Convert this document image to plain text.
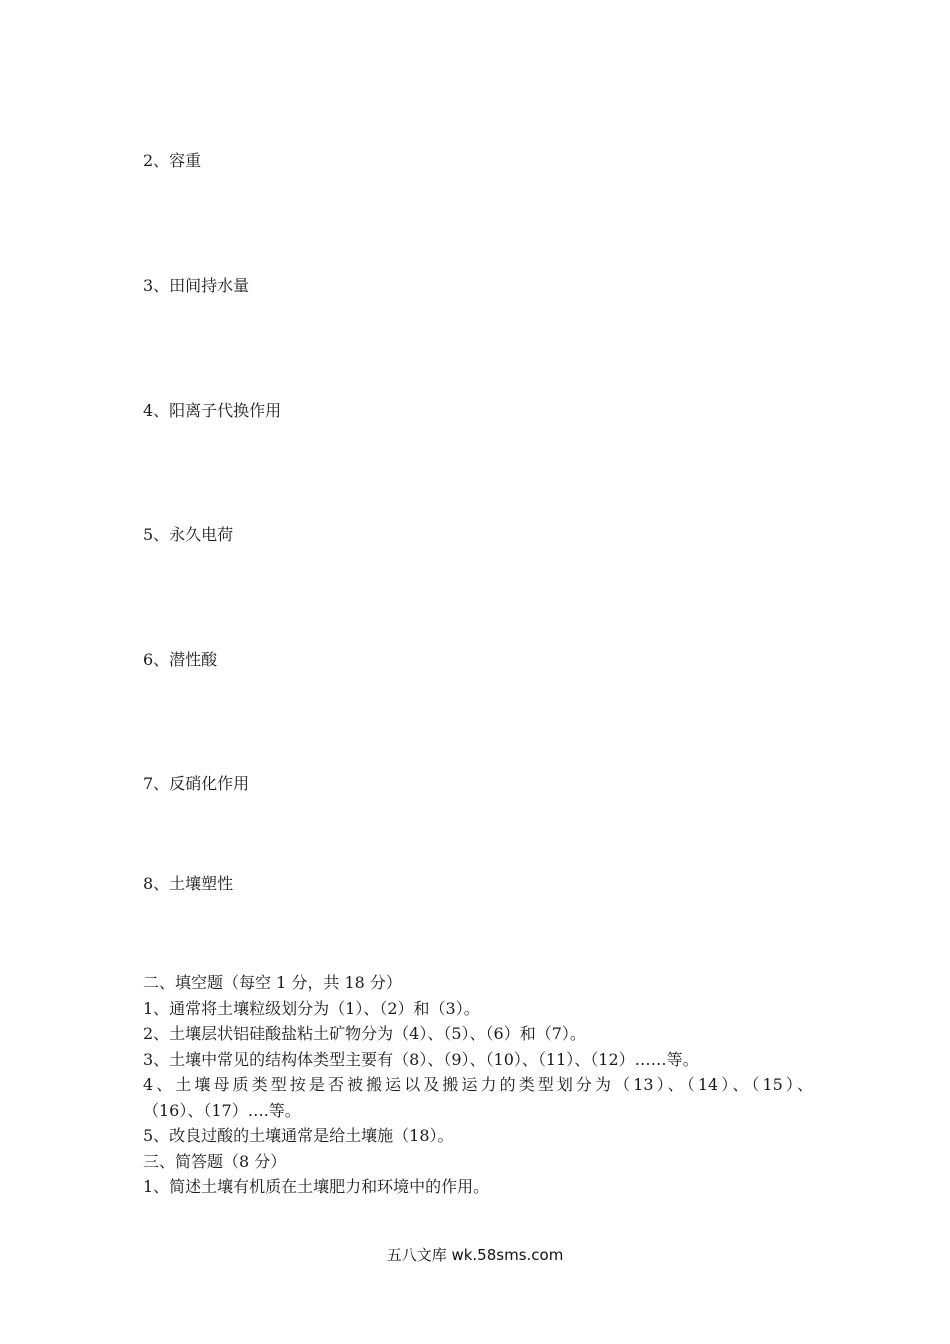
2、容重
3、田间持水量
4、阳离子代换作用
5、永久电荷
6、潜性酸
7、反硝化作用
8、土壤塑性
二、填空题（每空 1 分，共 18 分）
1、通常将土壤粒级划分为（1）、（2）和（3）。
2、土壤层状铝硅酸盐粘土矿物分为（4）、（5）、（6）和（7）。
3、土壤中常见的结构体类型主要有（8）、（9）、（10）、（11）、（12）……等。
4、土壤母质类型按是否被搬运以及搬运力的类型划分为（13）、（14）、（15）、
（16）、（17）….等。
5、改良过酸的土壤通常是给土壤施（18）。
三、简答题（8 分）
1、简述土壤有机质在土壤肥力和环境中的作用。
五八文库 wk.58sms.com
